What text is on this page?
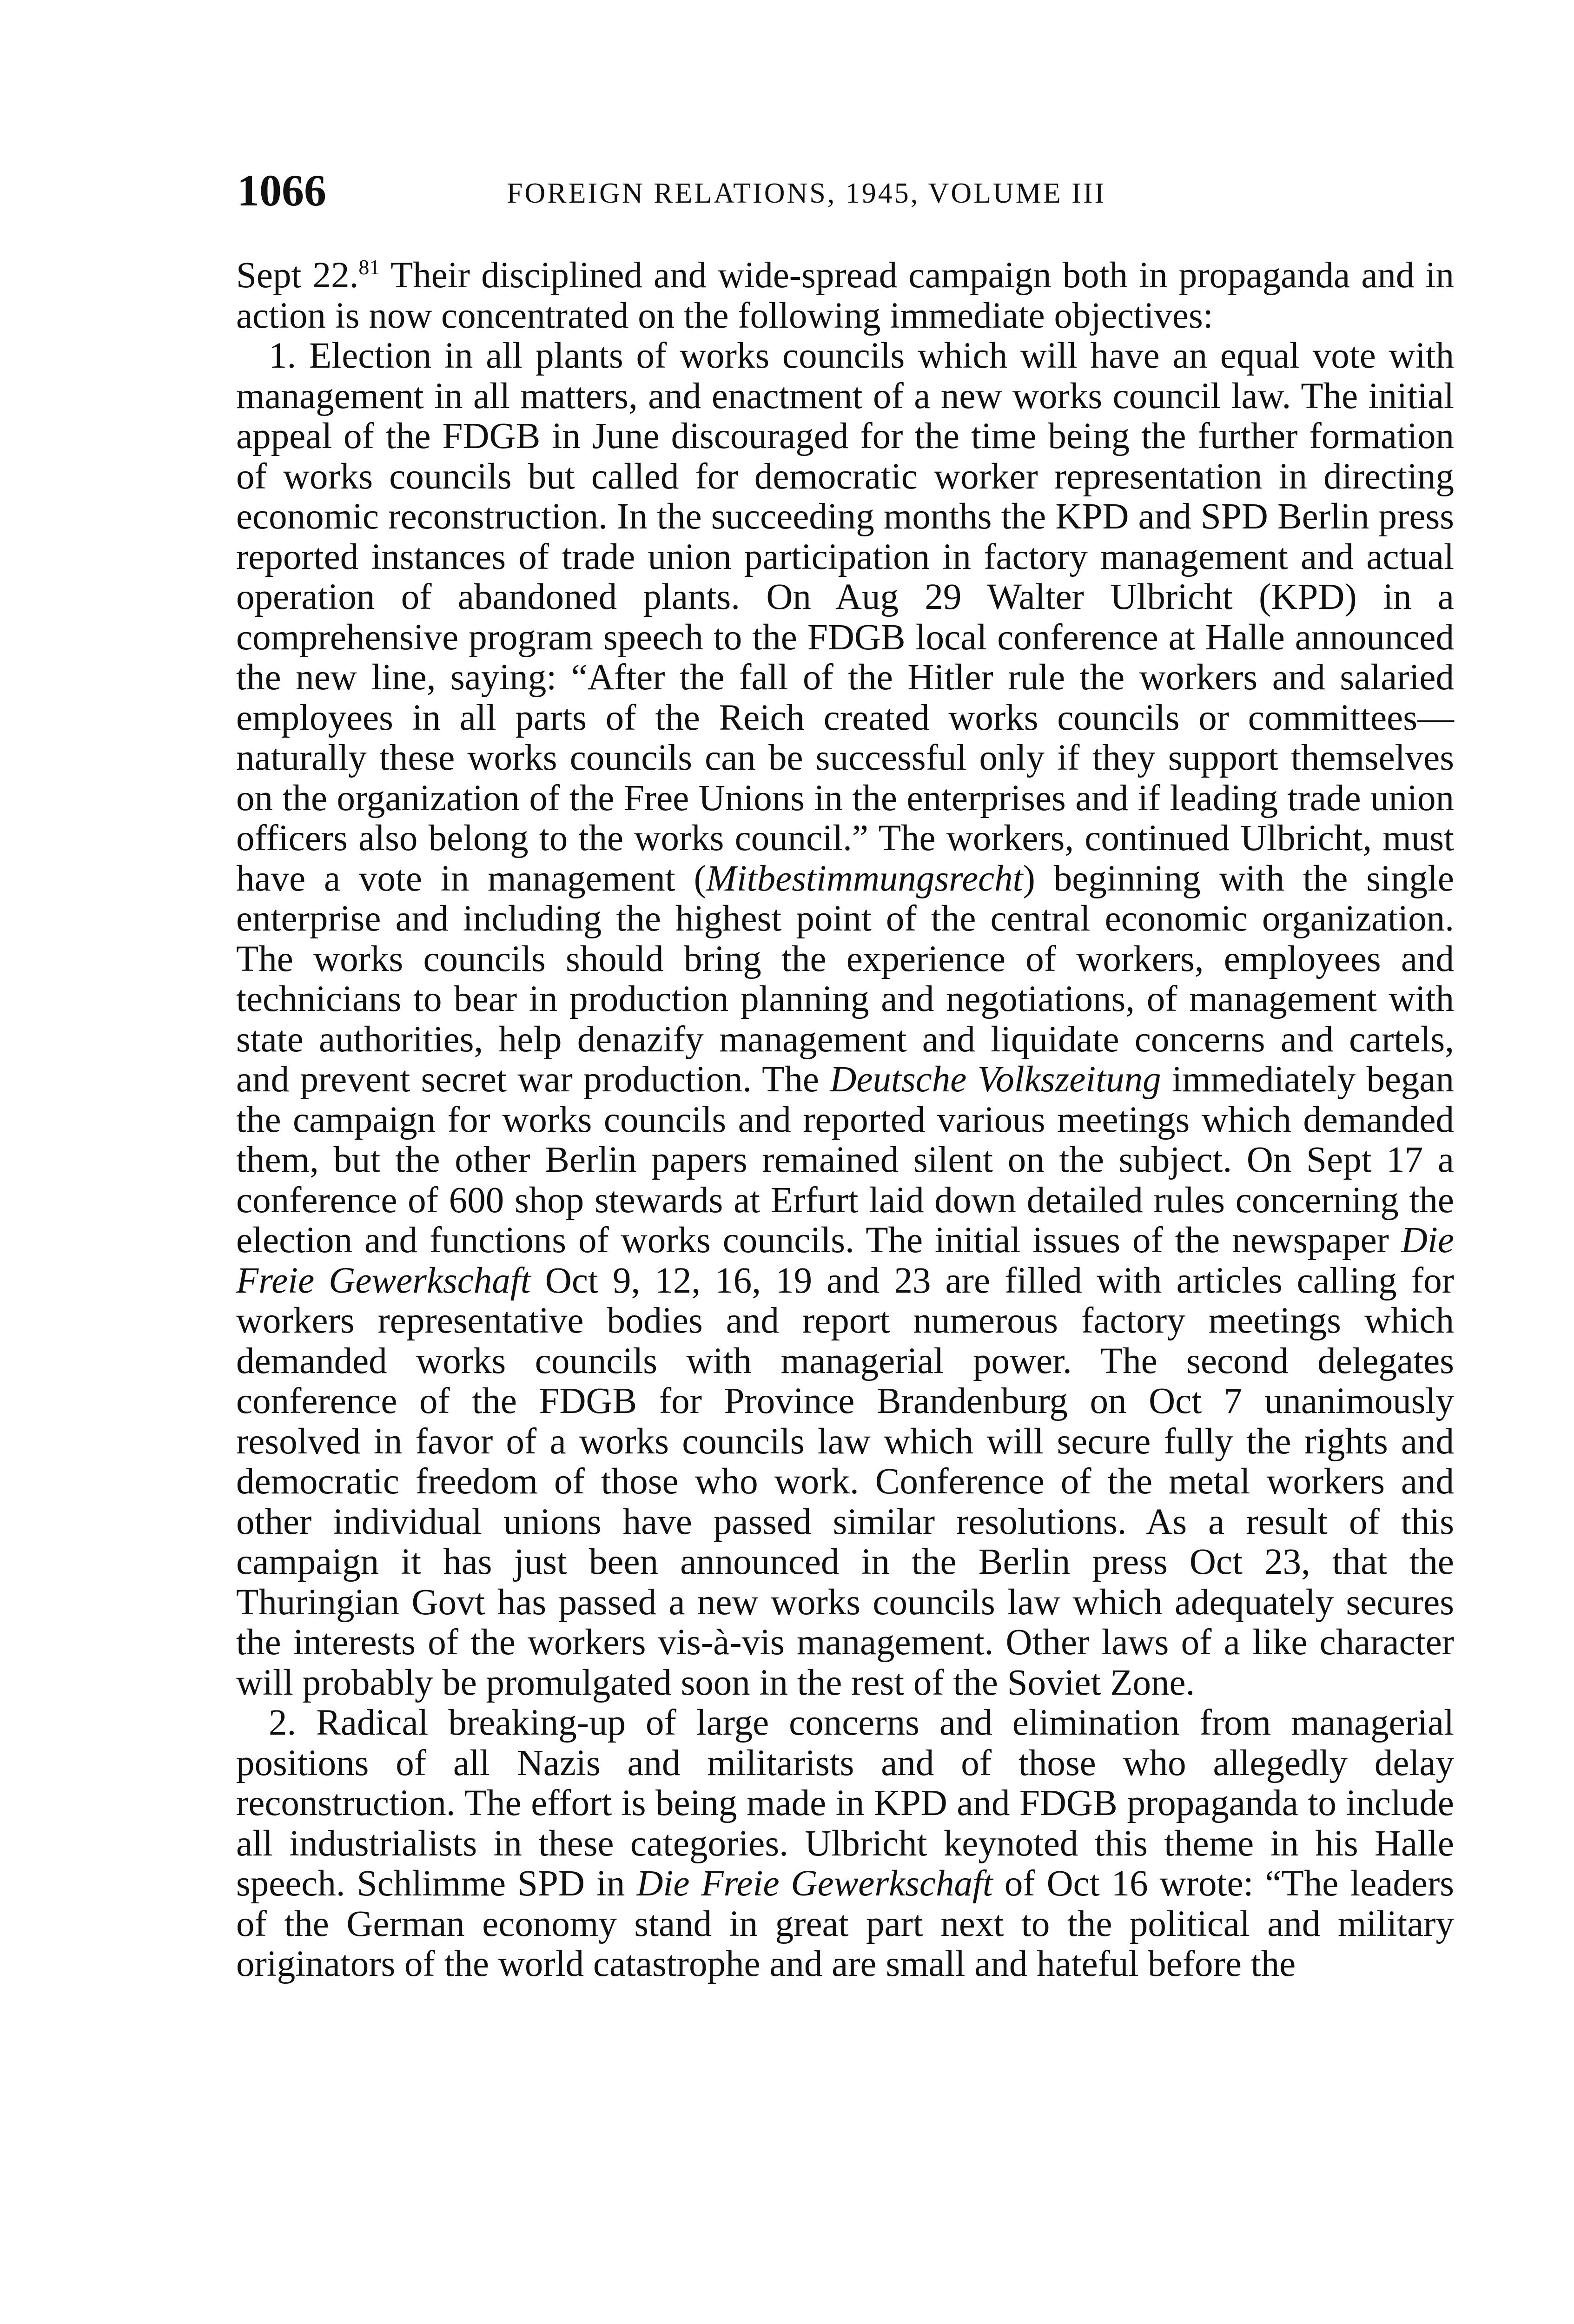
1066	FOREIGN RELATIONS, 1945, VOLUME III

Sept 22.81 Their disciplined and wide-spread campaign both in propaganda and in action is now concentrated on the following immediate objectives:

1. Election in all plants of works councils which will have an equal vote with management in all matters, and enactment of a new works council law. The initial appeal of the FDGB in June discouraged for the time being the further formation of works councils but called for democratic worker representation in directing economic reconstruction. In the succeeding months the KPD and SPD Berlin press reported instances of trade union participation in factory management and actual operation of abandoned plants. On Aug 29 Walter Ulbricht (KPD) in a comprehensive program speech to the FDGB local conference at Halle announced the new line, saying: “After the fall of the Hitler rule the workers and salaried employees in all parts of the Reich created works councils or committees—naturally these works councils can be successful only if they support themselves on the organization of the Free Unions in the enterprises and if leading trade union officers also belong to the works council.” The workers, continued Ulbricht, must have a vote in management (Mitbestimmungsrecht) beginning with the single enterprise and including the highest point of the central economic organization. The works councils should bring the experience of workers, employees and technicians to bear in production planning and negotiations, of management with state authorities, help denazify management and liquidate concerns and cartels, and prevent secret war production. The Deutsche Volkszeitung immediately began the campaign for works councils and reported various meetings which demanded them, but the other Berlin papers remained silent on the subject. On Sept 17 a conference of 600 shop stewards at Erfurt laid down detailed rules concerning the election and functions of works councils. The initial issues of the newspaper Die Freie Gewerkschaft Oct 9, 12, 16, 19 and 23 are filled with articles calling for workers representative bodies and report numerous factory meetings which demanded works councils with managerial power. The second delegates conference of the FDGB for Province Brandenburg on Oct 7 unanimously resolved in favor of a works councils law which will secure fully the rights and democratic freedom of those who work. Conference of the metal workers and other individual unions have passed similar resolutions. As a result of this campaign it has just been announced in the Berlin press Oct 23, that the Thuringian Govt has passed a new works councils law which adequately secures the interests of the workers vis-à-vis management. Other laws of a like character will probably be promulgated soon in the rest of the Soviet Zone.

2. Radical breaking-up of large concerns and elimination from managerial positions of all Nazis and militarists and of those who allegedly delay reconstruction. The effort is being made in KPD and FDGB propaganda to include all industrialists in these categories. Ulbricht keynoted this theme in his Halle speech. Schlimme SPD in Die Freie Gewerkschaft of Oct 16 wrote: “The leaders of the German economy stand in great part next to the political and military originators of the world catastrophe and are small and hateful before the
